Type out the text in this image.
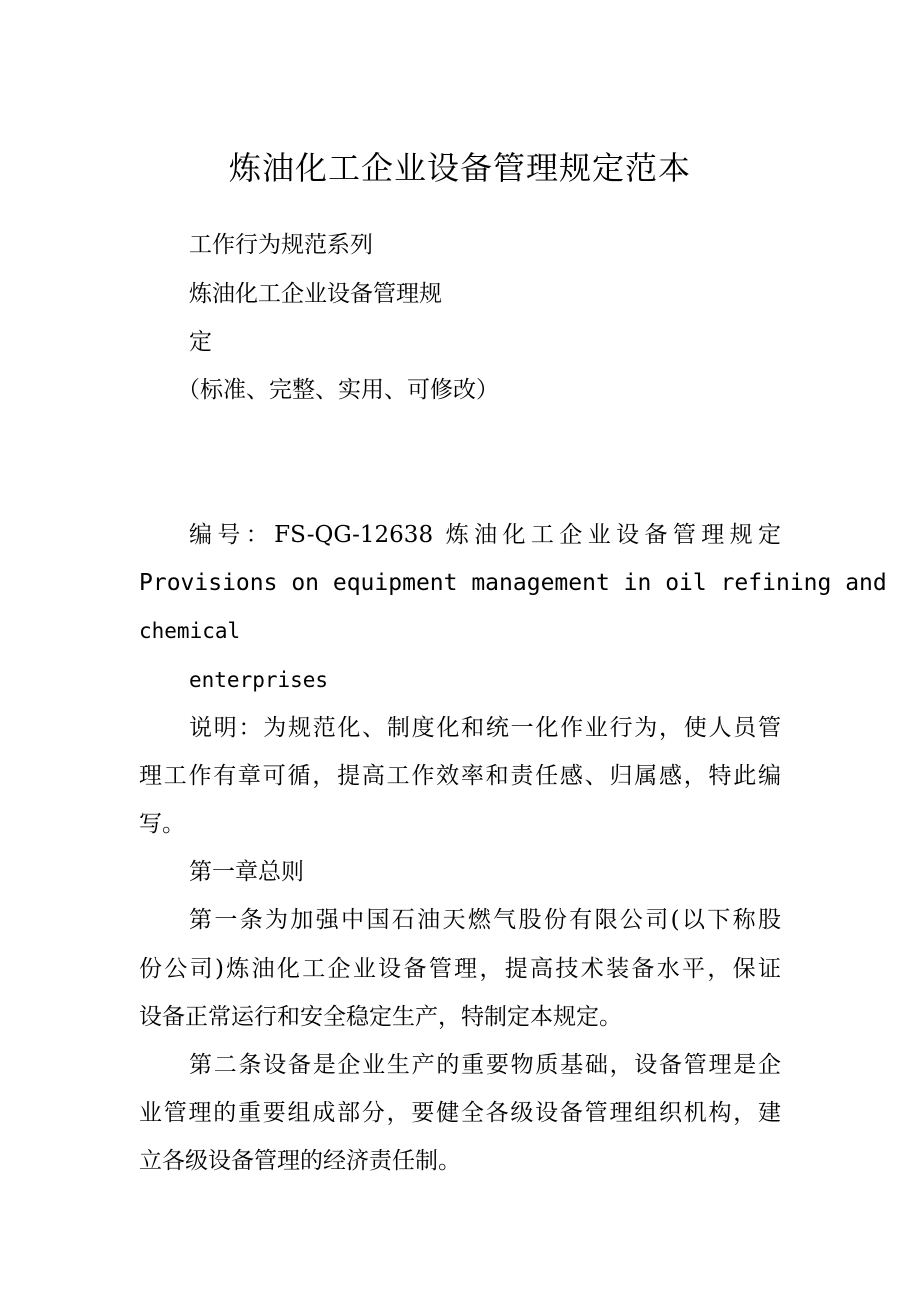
炼油化工企业设备管理规定范本
工作行为规范系列
炼油化工企业设备管理规
定
（标准、完整、实用、可修改）
编号：FS-QG-12638 炼油化工企业设备管理规定
Provisions on equipment management in oil refining and
chemical
enterprises
说明：为规范化、制度化和统一化作业行为，使人员管
理工作有章可循，提高工作效率和责任感、归属感，特此编
写。
第一章总则
第一条为加强中国石油天燃气股份有限公司(以下称股
份公司)炼油化工企业设备管理，提高技术装备水平，保证
设备正常运行和安全稳定生产，特制定本规定。
第二条设备是企业生产的重要物质基础，设备管理是企
业管理的重要组成部分，要健全各级设备管理组织机构，建
立各级设备管理的经济责任制。
